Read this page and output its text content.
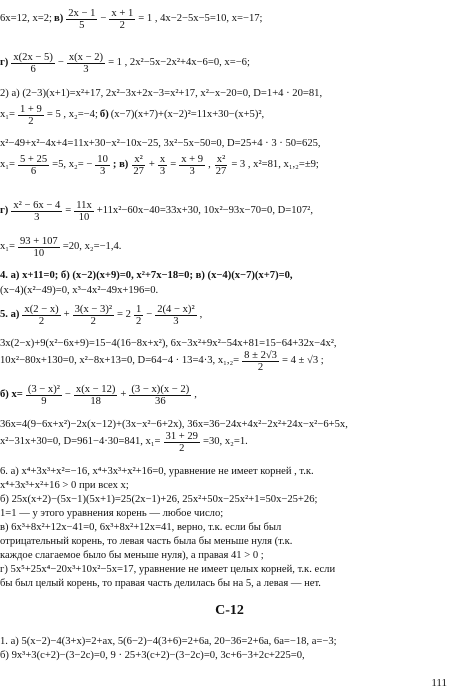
6x=12, x=2; $в) \frac{2x - 1}{5} - \frac{x + 1}{2} = 1$ , 4x−2−5x−5=10, x=−17;
$г) \frac{x(2x - 5)}{6} - \frac{x(x - 2)}{3} = 1$ , 2x²−5x−2x²+4x−6=0, x=−6;
2) а) (2−3)(x+1)=x²+17, 2x²−3x+2x−3=x²+17, x²−x−20=0, D=1+4 · 20=81,
$x_1= \frac{1 + 9}{2} = 5$ , x₂=−4; б) (x−7)(x+7)+(x−2)²=11x+30−(x+5)²,
x²−49+x²−4x+4=11x+30−x²−10x−25, 3x²−5x−50=0, D=25+4 · 3 · 50=625,
$x_1= \frac{5 + 25}{6} =5$, $x_2= - \frac{10}{3}$ ; $в) \frac{\text{x²}}{27} + \frac{x}{3} = \frac{x + 9}{3}$ , $\frac{\text{x²}}{27} = 3$ , x²=81, x₁,₂=±9;
$г) \frac{\text{x² − 6x − 4}}{3} = \frac{11x}{10} +11x^2-60x-40=33x+30$, 10x²−93x−70=0, D=107²,
$x_1= \frac{93 + 107}{10} =20$, x₂=−1,4.
4. а) x+11=0; б) (x−2)(x+9)=0, x²+7x−18=0; в) (x−4)(x−7)(x+7)=0,
(x−4)(x²−49)=0, x³−4x²−49x+196=0.
5. $а) \frac{x(2 - x)}{2} + \frac{\text{3(x − 3)²}}{2} = 2 \frac{1}{2} - \frac{\text{2(4 − x)²}}{3}$ ,
3x(2−x)+9(x²−6x+9)=15−4(16−8x+x²), 6x−3x²+9x²−54x+81=15−64+32x−4x²,
10x²−80x+130=0, x²−8x+13=0, D=64−4 · 13=4·3, $x_1,_2= \frac{8 \pm 2√3}{2} = 4 \pm √3$ ;
б) $x= \frac{\text{(3 − x)²}}{9} - \frac{x(x - 12)}{18} + \frac{(3 - x)(x - 2)}{36}$ ,
36x=4(9−6x+x²)−2x(x−12)+(3x−x²−6+2x), 36x=36−24x+4x²−2x²+24x−x²−6+5x,
x²−31x+30=0, D=961−4·30=841, $x_1= \frac{31 + 29}{2} =30$, x₂=1.
6. а) x⁴+3x³+x²=−16, x⁴+3x³+x²+16=0, уравнение не имеет корней , т.к.
x⁴+3x³+x²+16 > 0 при всех x;
б) 25x(x+2)−(5x−1)(5x+1)=25(2x−1)+26, 25x²+50x−25x²+1=50x−25+26;
1=1 — у этого уравнения корень — любое число;
в) 6x³+8x²+12x−41=0, 6x³+8x²+12x=41, верно, т.к. если бы был
отрицательный корень, то левая часть была бы меньше нуля (т.к.
каждое слагаемое было бы меньше нуля), а правая 41 > 0 ;
г) 5x⁵+25x⁴−20x³+10x²−5x=17, уравнение не имеет целых корней, т.к. если
бы был целый корень, то правая часть делилась бы на 5, а левая — нет.
С-12
1. а) 5(x−2)−4(3+x)=2+ax, 5(6−2)−4(3+6)=2+6a, 20−36=2+6a, 6a=−18, a=−3;
б) 9x³+3(c+2)−(3−2c)=0, 9 · 25+3(c+2)−(3−2c)=0, 3c+6−3+2c+225=0,
111
